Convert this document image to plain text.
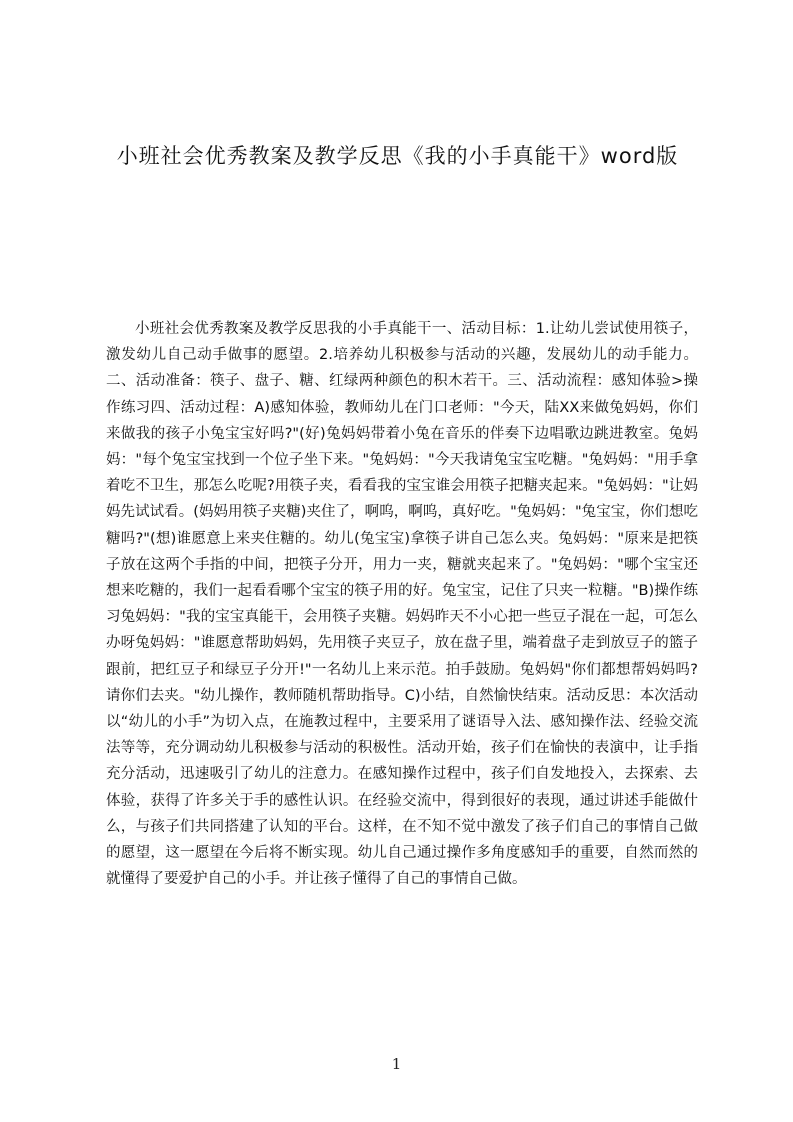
小班社会优秀教案及教学反思《我的小手真能干》word版

小班社会优秀教案及教学反思我的小手真能干一、活动目标：1.让幼儿尝试使用筷子，激发幼儿自己动手做事的愿望。2.培养幼儿积极参与活动的兴趣，发展幼儿的动手能力。二、活动准备：筷子、盘子、糖、红绿两种颜色的积木若干。三、活动流程：感知体验>操作练习四、活动过程：A)感知体验，教师幼儿在门口老师："今天，陆XX来做兔妈妈，你们来做我的孩子小兔宝宝好吗?"(好)兔妈妈带着小兔在音乐的伴奏下边唱歌边跳进教室。兔妈妈："每个兔宝宝找到一个位子坐下来。"兔妈妈："今天我请兔宝宝吃糖。"兔妈妈："用手拿着吃不卫生，那怎么吃呢?用筷子夹，看看我的宝宝谁会用筷子把糖夹起来。"兔妈妈："让妈妈先试试看。(妈妈用筷子夹糖)夹住了，啊呜，啊呜，真好吃。"兔妈妈："兔宝宝，你们想吃糖吗?"(想)谁愿意上来夹住糖的。幼儿(兔宝宝)拿筷子讲自己怎么夹。兔妈妈："原来是把筷子放在这两个手指的中间，把筷子分开，用力一夹，糖就夹起来了。"兔妈妈："哪个宝宝还想来吃糖的，我们一起看看哪个宝宝的筷子用的好。兔宝宝，记住了只夹一粒糖。"B)操作练习兔妈妈："我的宝宝真能干，会用筷子夹糖。妈妈昨天不小心把一些豆子混在一起，可怎么办呀兔妈妈："谁愿意帮助妈妈，先用筷子夹豆子，放在盘子里，端着盘子走到放豆子的篮子跟前，把红豆子和绿豆子分开!"一名幼儿上来示范。拍手鼓励。兔妈妈"你们都想帮妈妈吗?请你们去夹。"幼儿操作，教师随机帮助指导。C)小结，自然愉快结束。活动反思：本次活动以“幼儿的小手”为切入点，在施教过程中，主要采用了谜语导入法、感知操作法、经验交流法等等，充分调动幼儿积极参与活动的积极性。活动开始，孩子们在愉快的表演中，让手指充分活动，迅速吸引了幼儿的注意力。在感知操作过程中，孩子们自发地投入，去探索、去体验，获得了许多关于手的感性认识。在经验交流中，得到很好的表现，通过讲述手能做什么，与孩子们共同搭建了认知的平台。这样，在不知不觉中激发了孩子们自己的事情自己做的愿望，这一愿望在今后将不断实现。幼儿自己通过操作多角度感知手的重要，自然而然的就懂得了要爱护自己的小手。并让孩子懂得了自己的事情自己做。

1
